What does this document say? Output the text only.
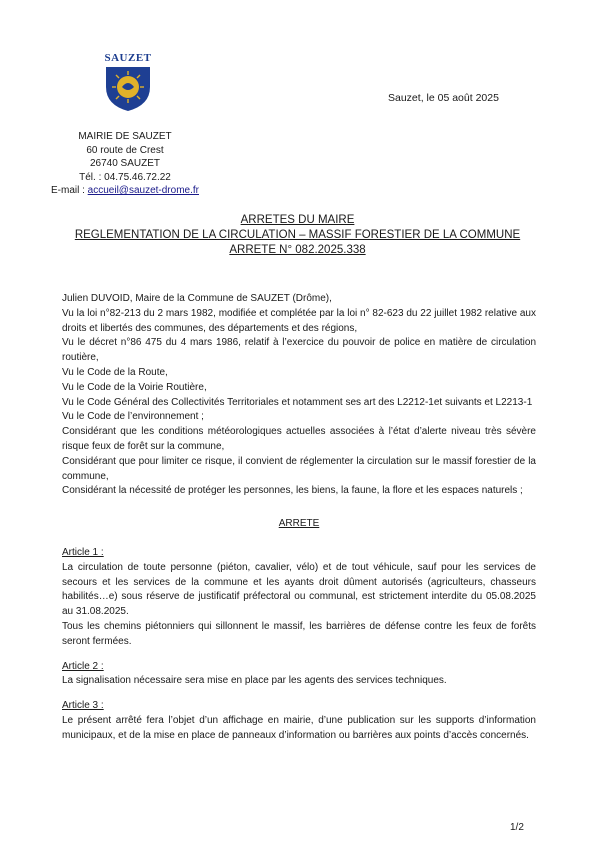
SAUZET
Sauzet, le 05 août 2025
MAIRIE DE SAUZET
60 route de Crest
26740 SAUZET
Tél. : 04.75.46.72.22
E-mail : accueil@sauzet-drome.fr
ARRETES DU MAIRE
REGLEMENTATION DE LA CIRCULATION – MASSIF FORESTIER DE LA COMMUNE
ARRETE N° 082.2025.338

Julien DUVOID, Maire de la Commune de SAUZET (Drôme),

Vu la loi n°82-213 du 2 mars 1982, modifiée et complétée par la loi n° 82-623 du 22 juillet 1982 relative aux droits et libertés des communes, des départements et des régions,

Vu le décret n°86 475 du 4 mars 1986, relatif à l’exercice du pouvoir de police en matière de circulation routière,

Vu le Code de la Route,

Vu le Code de la Voirie Routière,

Vu le Code Général des Collectivités Territoriales et notamment ses art des L2212-1et suivants et L2213-1

Vu le Code de l’environnement ;

Considérant que les conditions météorologiques actuelles associées à l’état d’alerte niveau très sévère risque feux de forêt sur la commune,

Considérant que pour limiter ce risque, il convient de réglementer la circulation sur le massif forestier de la commune,

Considérant la nécessité de protéger les personnes, les biens, la faune, la flore et les espaces naturels ;

ARRETE

Article 1 :

La circulation de toute personne (piéton, cavalier, vélo) et de tout véhicule, sauf pour les services de secours et les services de la commune et les ayants droit dûment autorisés (agriculteurs, chasseurs habilités…e) sous réserve de justificatif préfectoral ou communal, est strictement interdite du 05.08.2025 au 31.08.2025.

Tous les chemins piétonniers qui sillonnent le massif, les barrières de défense contre les feux de forêts seront fermées.

Article 2 :

La signalisation nécessaire sera mise en place par les agents des services techniques.

Article 3 :

Le présent arrêté fera l’objet d’un affichage en mairie, d’une publication sur les supports d’information municipaux, et de la mise en place de panneaux d’information ou barrières aux points d’accès concernés.

1/2
